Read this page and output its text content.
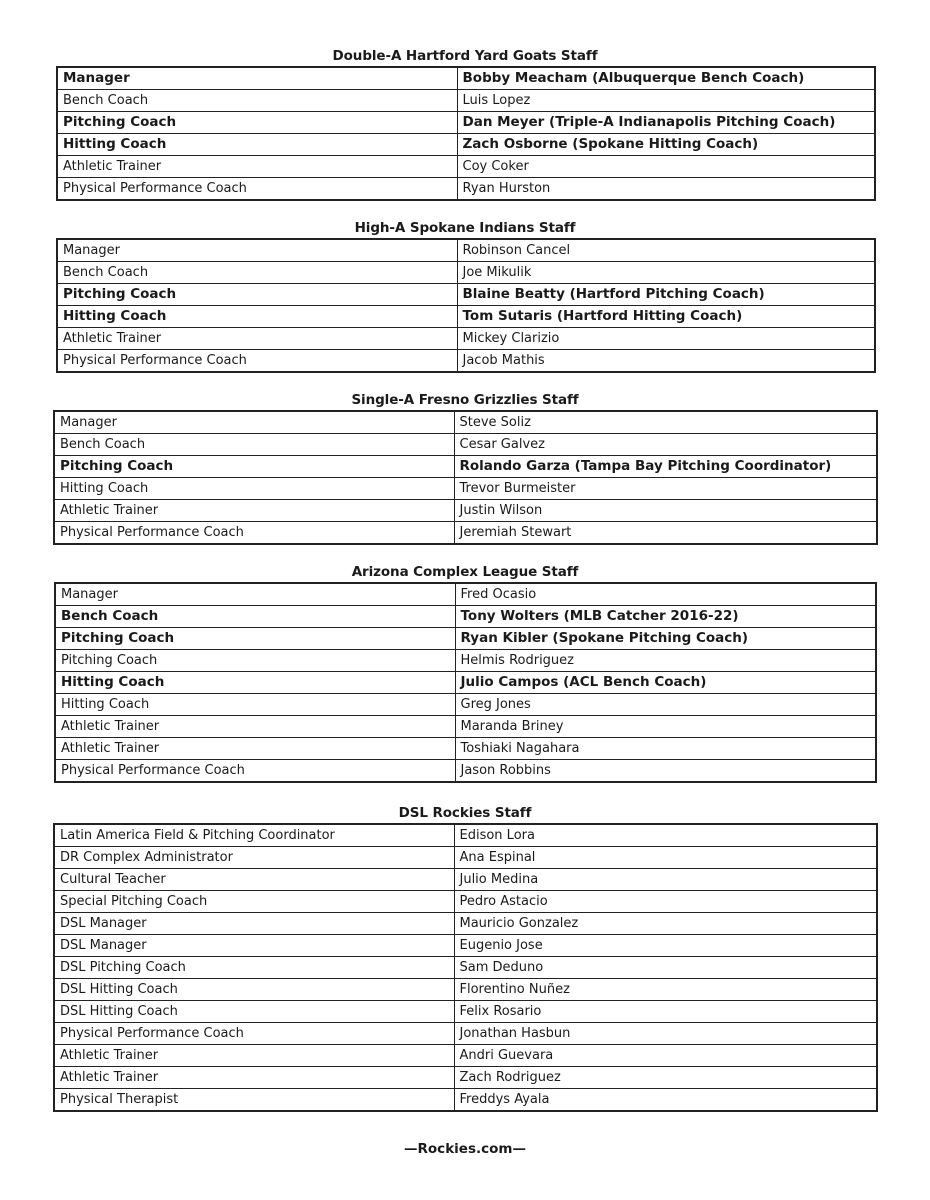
Double-A Hartford Yard Goats Staff
Manager	Bobby Meacham (Albuquerque Bench Coach)
Bench Coach	Luis Lopez
Pitching Coach	Dan Meyer (Triple-A Indianapolis Pitching Coach)
Hitting Coach	Zach Osborne (Spokane Hitting Coach)
Athletic Trainer	Coy Coker
Physical Performance Coach	Ryan Hurston
High-A Spokane Indians Staff
Manager	Robinson Cancel
Bench Coach	Joe Mikulik
Pitching Coach	Blaine Beatty (Hartford Pitching Coach)
Hitting Coach	Tom Sutaris (Hartford Hitting Coach)
Athletic Trainer	Mickey Clarizio
Physical Performance Coach	Jacob Mathis
Single-A Fresno Grizzlies Staff
Manager	Steve Soliz
Bench Coach	Cesar Galvez
Pitching Coach	Rolando Garza (Tampa Bay Pitching Coordinator)
Hitting Coach	Trevor Burmeister
Athletic Trainer	Justin Wilson
Physical Performance Coach	Jeremiah Stewart
Arizona Complex League Staff
Manager	Fred Ocasio
Bench Coach	Tony Wolters (MLB Catcher 2016-22)
Pitching Coach	Ryan Kibler (Spokane Pitching Coach)
Pitching Coach	Helmis Rodriguez
Hitting Coach	Julio Campos (ACL Bench Coach)
Hitting Coach	Greg Jones
Athletic Trainer	Maranda Briney
Athletic Trainer	Toshiaki Nagahara
Physical Performance Coach	Jason Robbins
DSL Rockies Staff
Latin America Field & Pitching Coordinator	Edison Lora
DR Complex Administrator	Ana Espinal
Cultural Teacher	Julio Medina
Special Pitching Coach	Pedro Astacio
DSL Manager	Mauricio Gonzalez
DSL Manager	Eugenio Jose
DSL Pitching Coach	Sam Deduno
DSL Hitting Coach	Florentino Nuñez
DSL Hitting Coach	Felix Rosario
Physical Performance Coach	Jonathan Hasbun
Athletic Trainer	Andri Guevara
Athletic Trainer	Zach Rodriguez
Physical Therapist	Freddys Ayala
—Rockies.com—
